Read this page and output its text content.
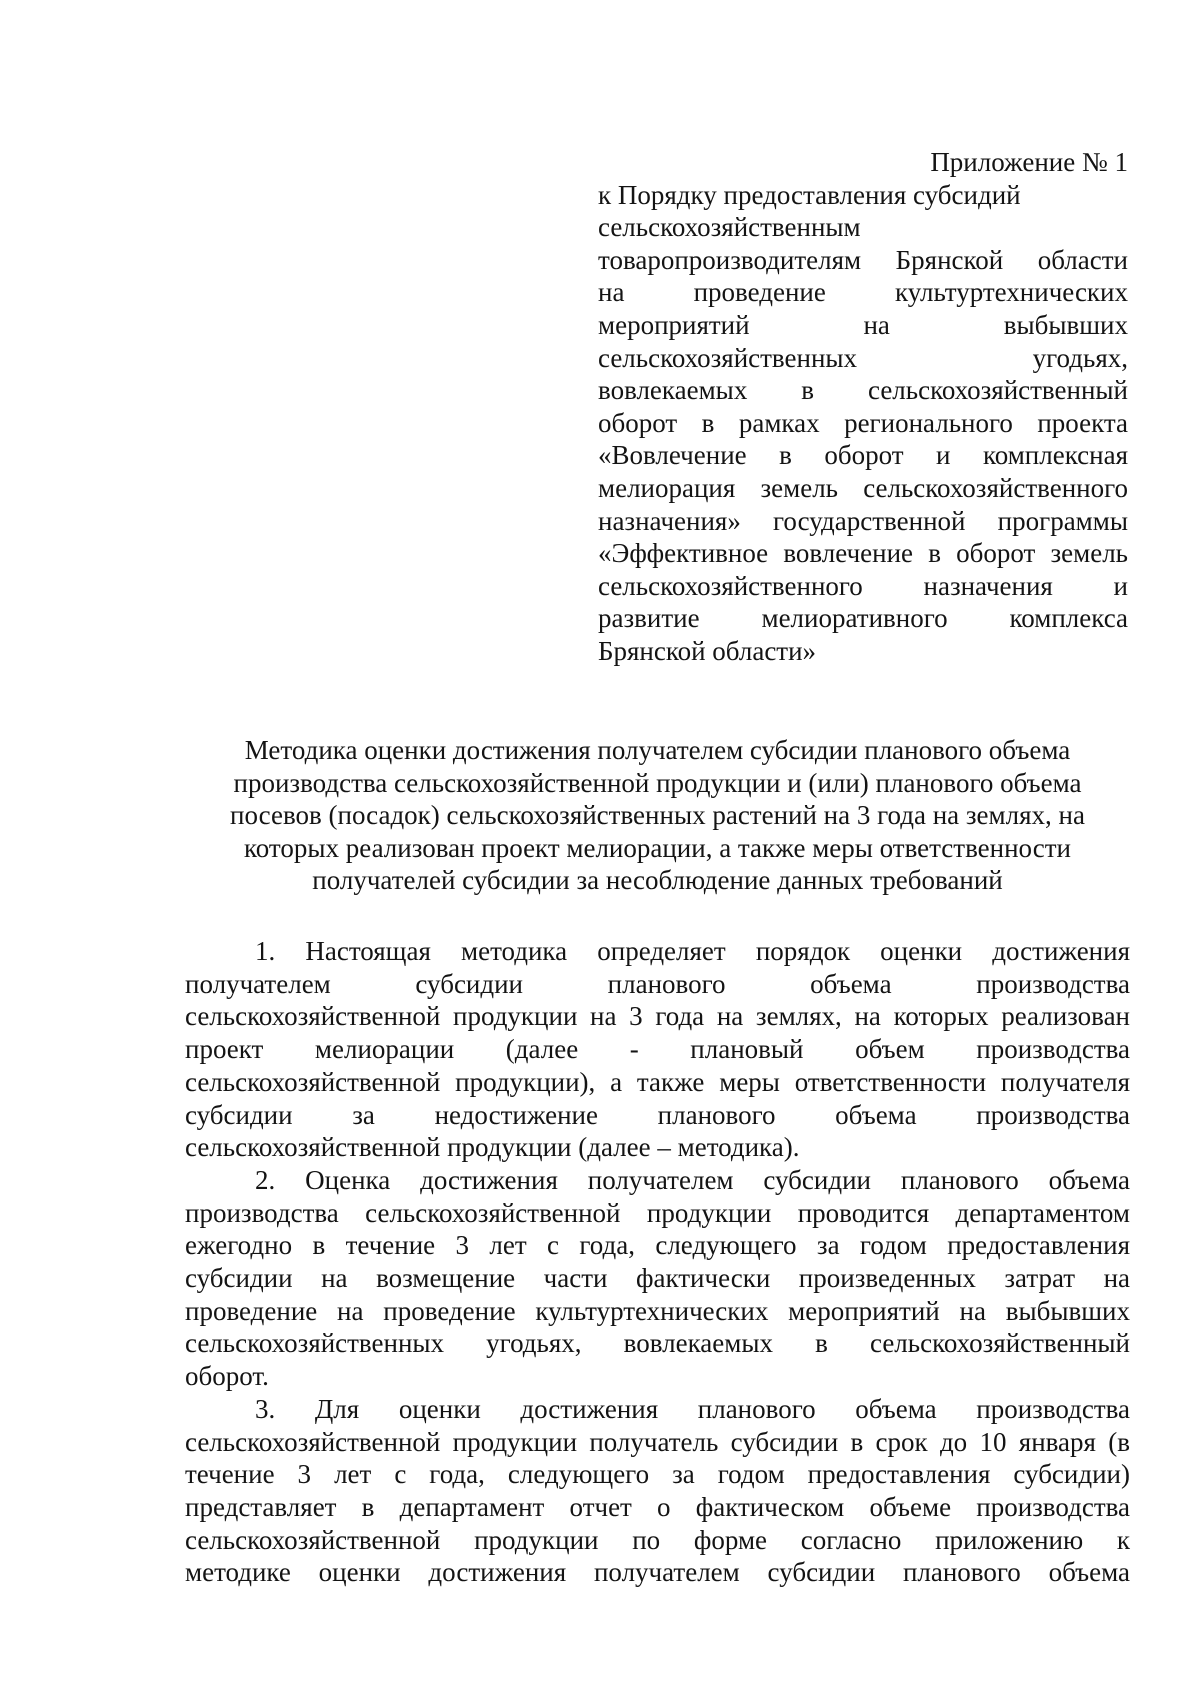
Приложение № 1
к Порядку предоставления субсидий
сельскохозяйственным
товаропроизводителям Брянской области
на проведение культуртехнических
мероприятий на выбывших
сельскохозяйственных угодьях,
вовлекаемых в сельскохозяйственный
оборот в рамках регионального проекта
«Вовлечение в оборот и комплексная
мелиорация земель сельскохозяйственного
назначения» государственной программы
«Эффективное вовлечение в оборот земель
сельскохозяйственного назначения и
развитие мелиоративного комплекса
Брянской области»
Методика оценки достижения получателем субсидии планового объема
производства сельскохозяйственной продукции и (или) планового объема
посевов (посадок) сельскохозяйственных растений на 3 года на землях, на
которых реализован проект мелиорации, а также меры ответственности
получателей субсидии за несоблюдение данных требований
1. Настоящая методика определяет порядок оценки достижения
получателем субсидии планового объема производства
сельскохозяйственной продукции на 3 года на землях, на которых реализован
проект мелиорации (далее - плановый объем производства
сельскохозяйственной продукции), а также меры ответственности получателя
субсидии за недостижение планового объема производства
сельскохозяйственной продукции (далее – методика).
2. Оценка достижения получателем субсидии планового объема
производства сельскохозяйственной продукции проводится департаментом
ежегодно в течение 3 лет с года, следующего за годом предоставления
субсидии на возмещение части фактически произведенных затрат на
проведение на проведение культуртехнических мероприятий на выбывших
сельскохозяйственных угодьях, вовлекаемых в сельскохозяйственный
оборот.
3. Для оценки достижения планового объема производства
сельскохозяйственной продукции получатель субсидии в срок до 10 января (в
течение 3 лет с года, следующего за годом предоставления субсидии)
представляет в департамент отчет о фактическом объеме производства
сельскохозяйственной продукции по форме согласно приложению к
методике оценки достижения получателем субсидии планового объема
